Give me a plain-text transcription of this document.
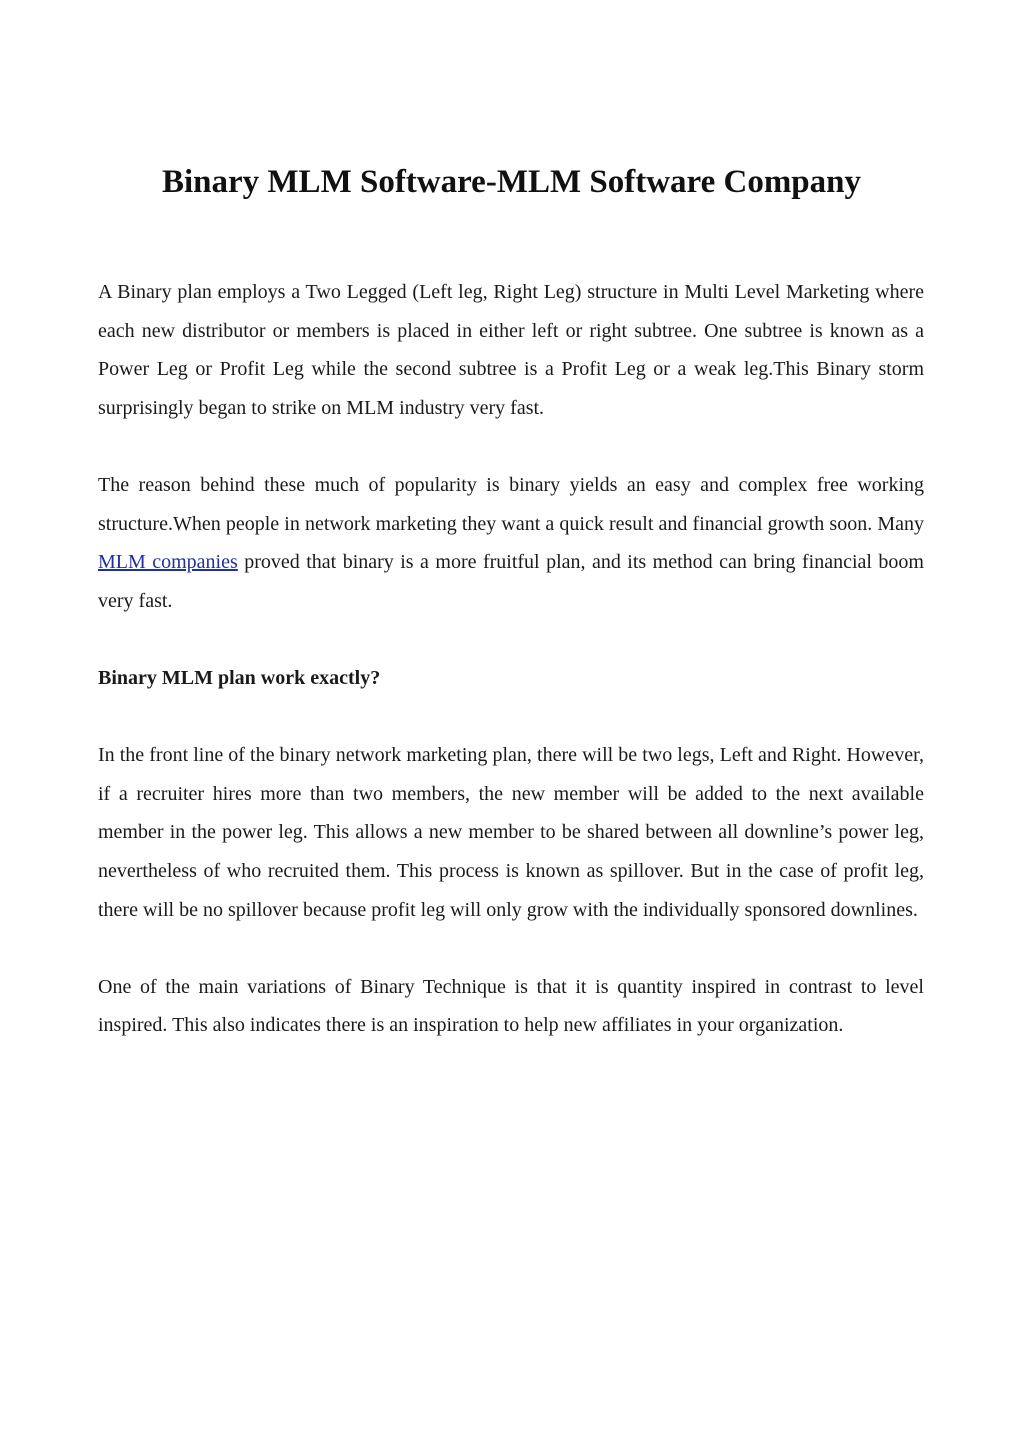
Binary MLM Software-MLM Software Company

A Binary plan employs a Two Legged (Left leg, Right Leg) structure in Multi Level Marketing where each new distributor or members is placed in either left or right subtree. One subtree is known as a Power Leg or Profit Leg while the second subtree is a Profit Leg or a weak leg.This Binary storm surprisingly began to strike on MLM industry very fast.

The reason behind these much of popularity is binary yields an easy and complex free working structure.When people in network marketing they want a quick result and financial growth soon. Many MLM companies proved that binary is a more fruitful plan, and its method can bring financial boom very fast.

Binary MLM plan work exactly?

In the front line of the binary network marketing plan, there will be two legs, Left and Right. However, if a recruiter hires more than two members, the new member will be added to the next available member in the power leg. This allows a new member to be shared between all downline’s power leg, nevertheless of who recruited them. This process is known as spillover. But in the case of profit leg, there will be no spillover because profit leg will only grow with the individually sponsored downlines.

One of the main variations of Binary Technique is that it is quantity inspired in contrast to level inspired. This also indicates there is an inspiration to help new affiliates in your organization.
